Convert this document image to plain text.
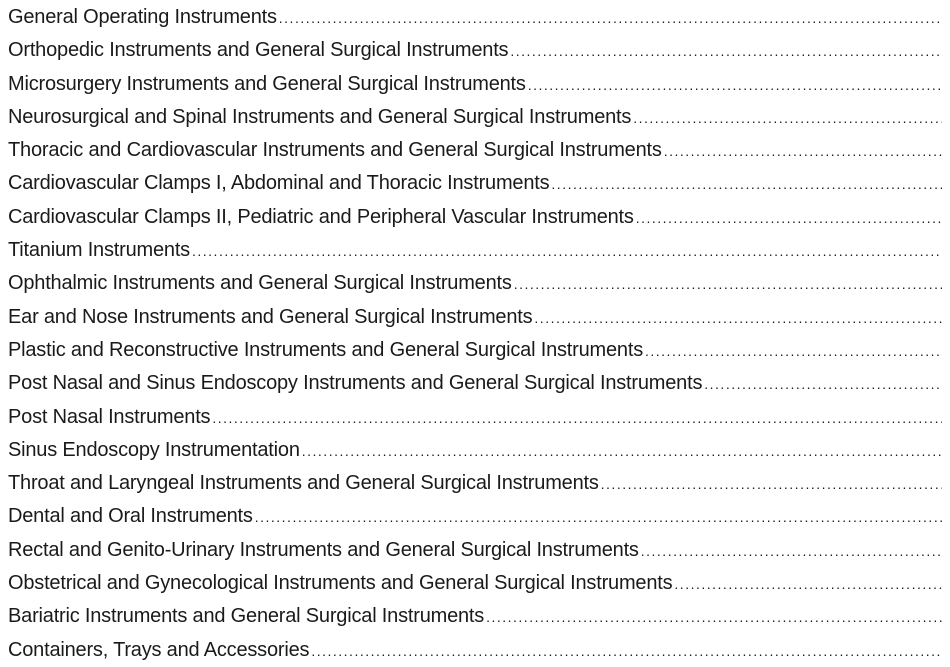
General Operating Instruments
.....
Orthopedic Instruments and General Surgical Instruments
.....
Microsurgery Instruments and General Surgical Instruments
.....
Neurosurgical and Spinal Instruments and General Surgical Instruments
.....
Thoracic and Cardiovascular Instruments and General Surgical Instruments
.....
Cardiovascular Clamps I, Abdominal and Thoracic Instruments
.....
Cardiovascular Clamps II, Pediatric and Peripheral Vascular Instruments
.....
Titanium Instruments
.....
Ophthalmic Instruments and General Surgical Instruments
.....
Ear and Nose Instruments and General Surgical Instruments
.....
Plastic and Reconstructive Instruments and General Surgical Instruments
.....
Post Nasal and Sinus Endoscopy Instruments and General Surgical Instruments
.....
Post Nasal Instruments
.....
Sinus Endoscopy Instrumentation
.....
Throat and Laryngeal Instruments and General Surgical Instruments
.....
Dental and Oral Instruments
.....
Rectal and Genito-Urinary Instruments and General Surgical Instruments
.....
Obstetrical and Gynecological Instruments and General Surgical Instruments
.....
Bariatric Instruments and General Surgical Instruments
.....
Containers, Trays and Accessories
.....
